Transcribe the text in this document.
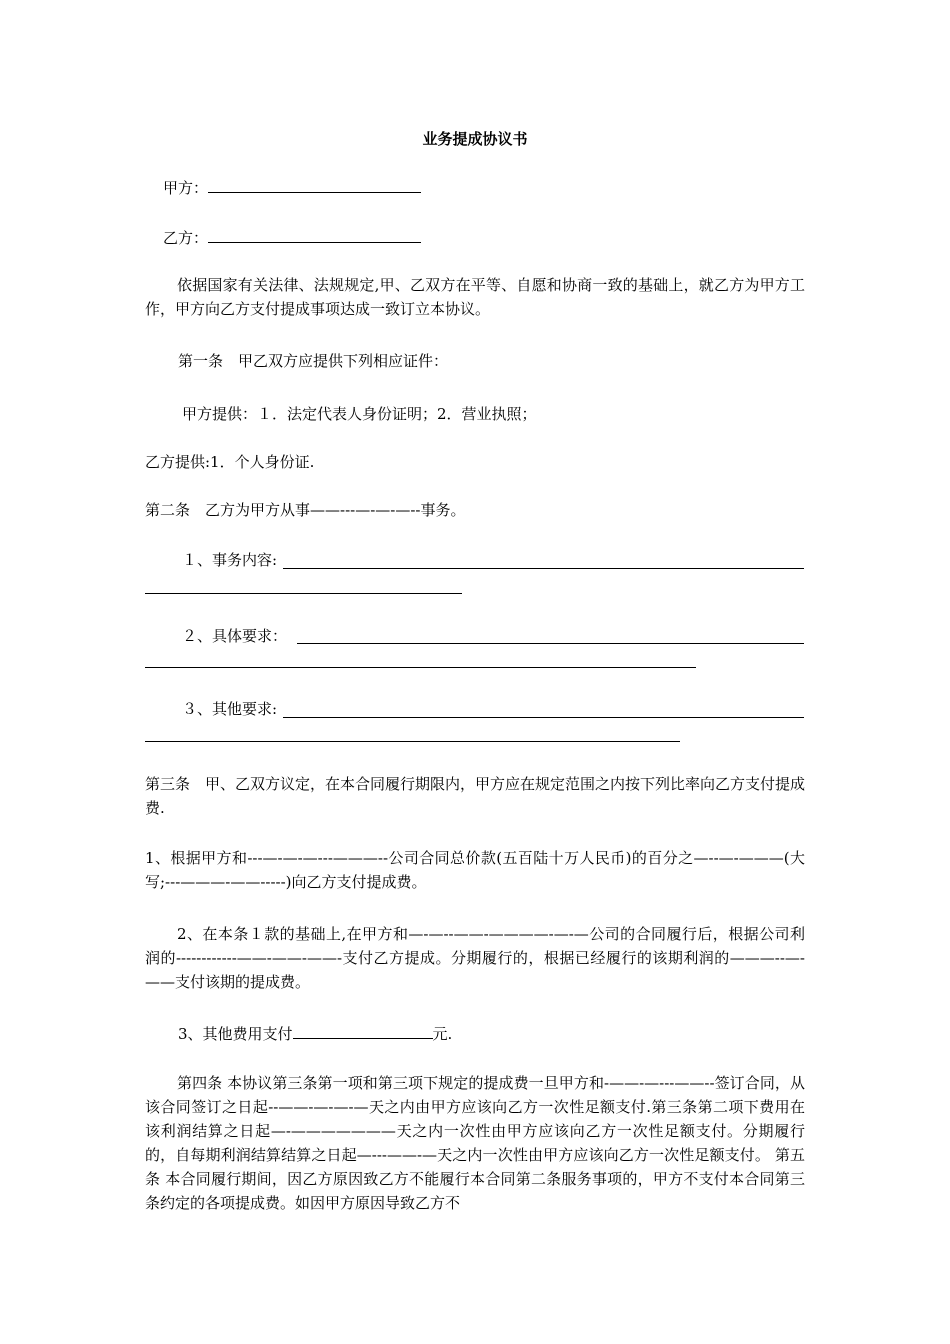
业务提成协议书
甲方：
乙方：

依据国家有关法律、法规规定,甲、乙双方在平等、自愿和协商一致的基础上，就乙方为甲方工作，甲方向乙方支付提成事项达成一致订立本协议。

第一条　甲乙双方应提供下列相应证件：
甲方提供：１．法定代表人身份证明；2．营业执照；
乙方提供:1．个人身份证.
第二条　乙方为甲方从事——---—-—-—--事务。
１、事务内容:
２、具体要求：
３、其他要求:

第三条　甲、乙双方议定，在本合同履行期限内，甲方应在规定范围之内按下列比率向乙方支付提成费.

1、根据甲方和---—-—-—---———--公司合同总价款(五百陆十万人民币)的百分之—--—-———(大写;---———-——-----)向乙方支付提成费。

2、在本条１款的基础上,在甲方和—-—--——-————-—-—公司的合同履行后，根据公司利润的------------——-——-——-支付乙方提成。分期履行的，根据已经履行的该期利润的———--—-——支付该期的提成费。

3、其他费用支付	元.

第四条 本协议第三条第一项和第三项下规定的提成费一旦甲方和-——-—---——--签订合同，从该合同签订之日起--——-—-—-—天之内由甲方应该向乙方一次性足额支付.第三条第二项下费用在该利润结算之日起—-———————天之内一次性由甲方应该向乙方一次性足额支付。分期履行的，自每期利润结算结算之日起—---——-—天之内一次性由甲方应该向乙方一次性足额支付。 第五条 本合同履行期间，因乙方原因致乙方不能履行本合同第二条服务事项的，甲方不支付本合同第三条约定的各项提成费。如因甲方原因导致乙方不
